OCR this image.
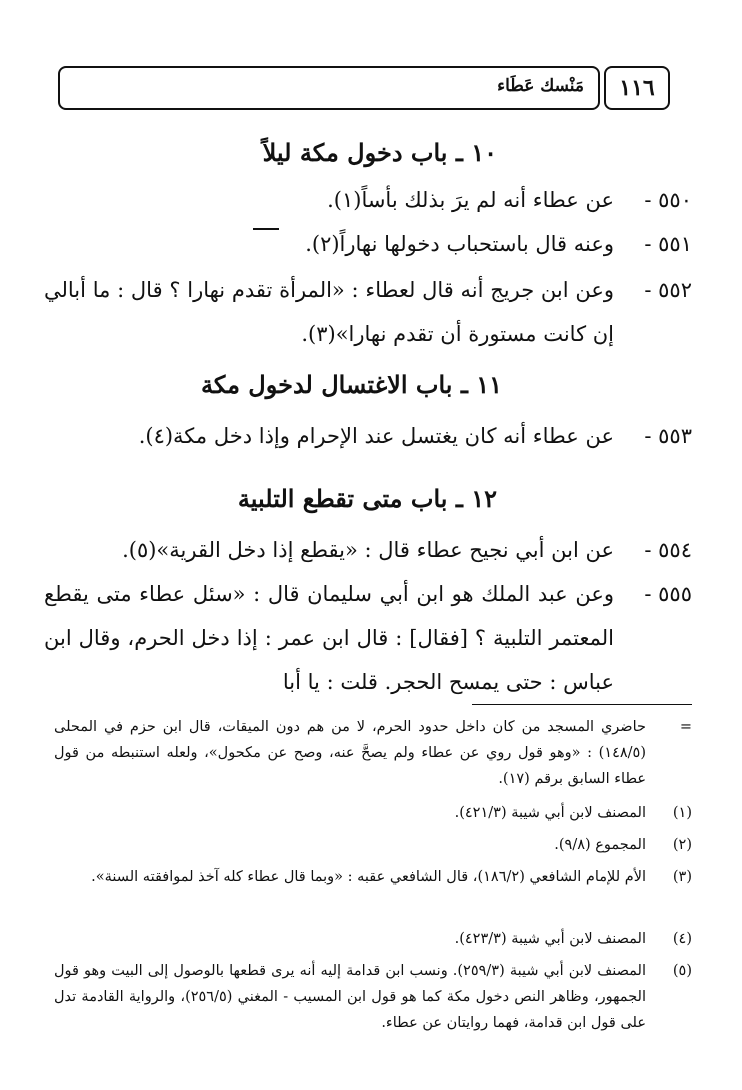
١١٦
مَنْسك عَطَاء
١٠ ـ باب دخول مكة ليلاً
٥٥٠ -
عن عطاء أنه لم يرَ بذلك بأساً(١).
٥٥١ -
وعنه قال باستحباب دخولها نهاراً(٢).
٥٥٢ -
وعن ابن جريج أنه قال لعطاء : «المرأة تقدم نهارا ؟ قال : ما أبالي إن كانت مستورة أن تقدم نهارا»(٣).
١١ ـ باب الاغتسال لدخول مكة
٥٥٣ -
عن عطاء أنه كان يغتسل عند الإحرام وإذا دخل مكة(٤).
١٢ ـ باب متى تقطع التلبية
٥٥٤ -
عن ابن أبي نجيح عطاء قال : «يقطع إذا دخل القرية»(٥).
٥٥٥ -
وعن عبد الملك هو ابن أبي سليمان قال : «سئل عطاء متى يقطع المعتمر التلبية ؟ [فقال] : قال ابن عمر : إذا دخل الحرم، وقال ابن عباس : حتى يمسح الحجر. قلت : يا أبا
=
حاضري المسجد من كان داخل حدود الحرم، لا من هم دون الميقات، قال ابن حزم في المحلى (١٤٨/٥) : «وهو قول روي عن عطاء ولم يصحَّ عنه، وصح عن مكحول»، ولعله استنبطه من قول عطاء السابق برقم (١٧).
(١)
المصنف لابن أبي شيبة (٤٢١/٣).
(٢)
المجموع (٩/٨).
(٣)
الأم للإمام الشافعي (١٨٦/٢)، قال الشافعي عقبه : «وبما قال عطاء كله آخذ لموافقته السنة».
(٤)
المصنف لابن أبي شيبة (٤٢٣/٣).
(٥)
المصنف لابن أبي شيبة (٢٥٩/٣). ونسب ابن قدامة إليه أنه يرى قطعها بالوصول إلى البيت وهو قول الجمهور، وظاهر النص دخول مكة كما هو قول ابن المسيب - المغني (٢٥٦/٥)، والرواية القادمة تدل على قول ابن قدامة، فهما روايتان عن عطاء.
